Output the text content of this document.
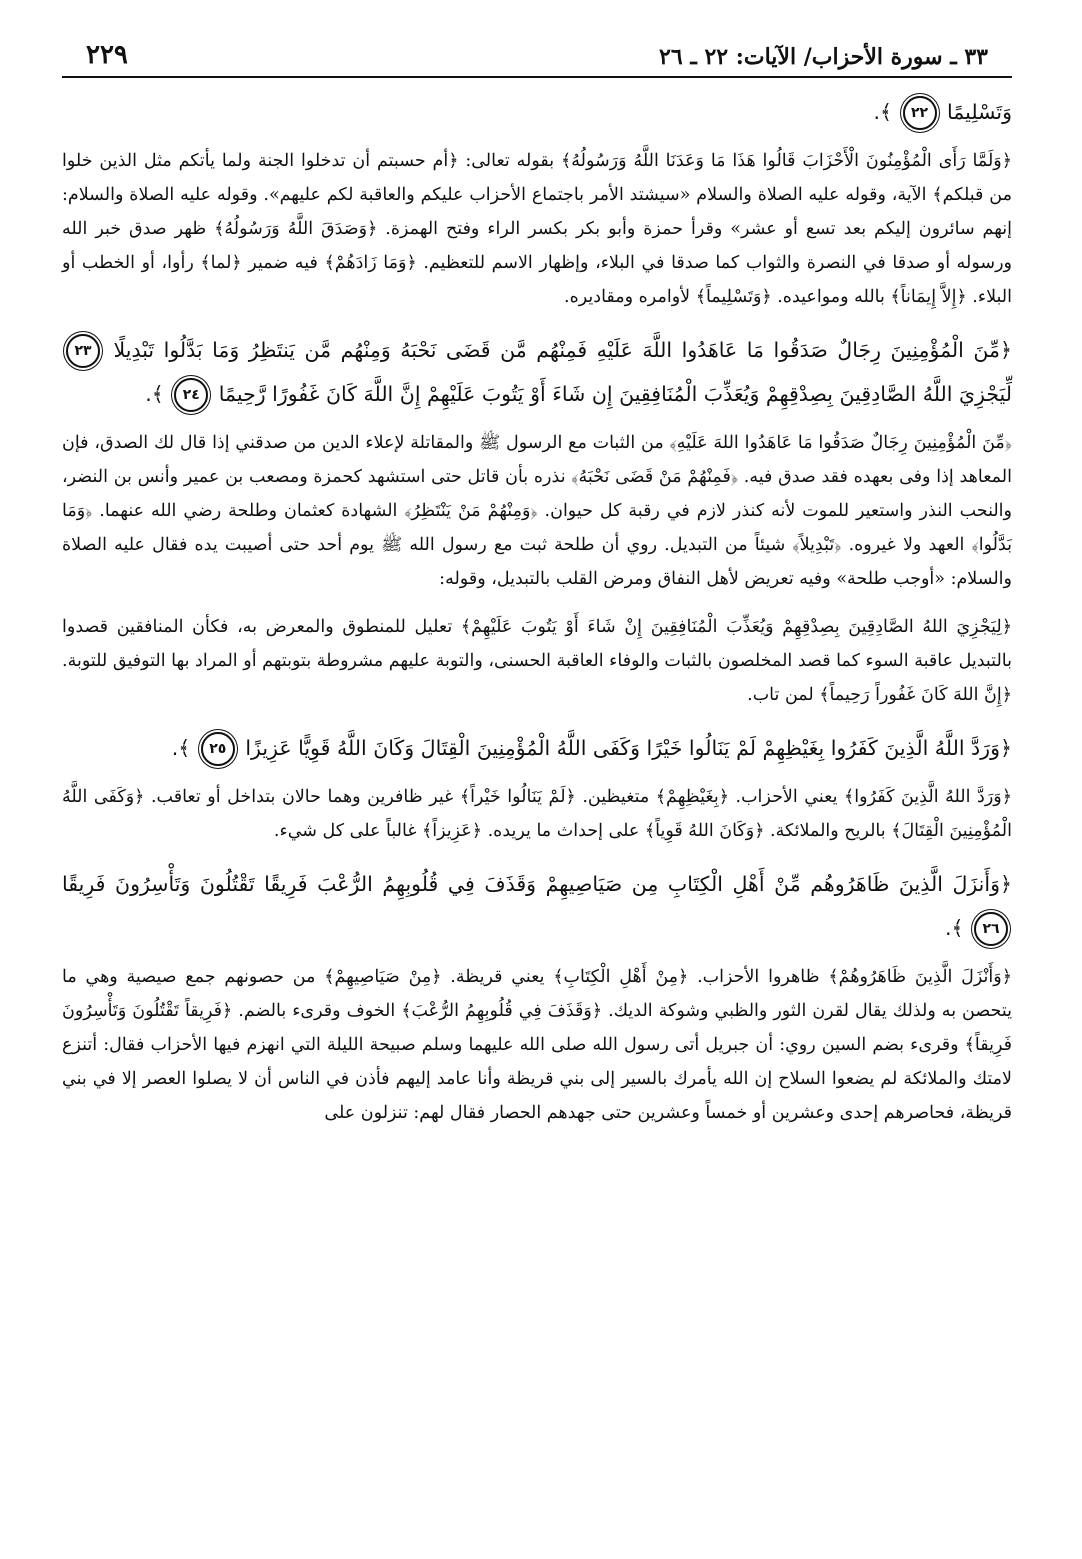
٣٣ ـ سورة الأحزاب/ الآيات: ٢٢ ـ ٢٦
٢٢٩

وَتَسْلِيمًا ٢٢ ﴾.

﴿وَلَمَّا رَأَى الْمُؤْمِنُونَ الْأَحْزَابَ قَالُوا هَذَا مَا وَعَدَنَا اللَّهُ وَرَسُولُهُ﴾ بقوله تعالى: ﴿أم حسبتم أن تدخلوا الجنة ولما يأتكم مثل الذين خلوا من قبلكم﴾ الآية، وقوله عليه الصلاة والسلام «سيشتد الأمر باجتماع الأحزاب عليكم والعاقبة لكم عليهم». وقوله عليه الصلاة والسلام: إنهم سائرون إليكم بعد تسع أو عشر» وقرأ حمزة وأبو بكر بكسر الراء وفتح الهمزة. ﴿وَصَدَقَ اللَّهُ وَرَسُولُهُ﴾ ظهر صدق خبر الله ورسوله أو صدقا في النصرة والثواب كما صدقا في البلاء، وإظهار الاسم للتعظيم. ﴿وَمَا زَادَهُمْ﴾ فيه ضمير ﴿لما﴾ رأوا، أو الخطب أو البلاء. ﴿إِلاَّ إِيمَاناً﴾ بالله ومواعيده. ﴿وَتَسْلِيماً﴾ لأوامره ومقاديره.

﴿مِّنَ الْمُؤْمِنِينَ رِجَالٌ صَدَقُوا مَا عَاهَدُوا اللَّهَ عَلَيْهِ فَمِنْهُم مَّن قَضَى نَحْبَهُ وَمِنْهُم مَّن يَنتَظِرُ وَمَا بَدَّلُوا تَبْدِيلًا ٢٣ لِّيَجْزِيَ اللَّهُ الصَّادِقِينَ بِصِدْقِهِمْ وَيُعَذِّبَ الْمُنَافِقِينَ إِن شَاءَ أَوْ يَتُوبَ عَلَيْهِمْ إِنَّ اللَّهَ كَانَ غَفُورًا رَّحِيمًا ٢٤ ﴾.

﴿مِّنَ الْمُؤْمِنِينَ رِجَالٌ صَدَقُوا مَا عَاهَدُوا اللهَ عَلَيْهِ﴾ من الثبات مع الرسول ﷺ والمقاتلة لإعلاء الدين من صدقني إذا قال لك الصدق، فإن المعاهد إذا وفى بعهده فقد صدق فيه. ﴿فَمِنْهُمْ مَنْ قَضَى نَحْبَهُ﴾ نذره بأن قاتل حتى استشهد كحمزة ومصعب بن عمير وأنس بن النضر، والنحب النذر واستعير للموت لأنه كنذر لازم في رقبة كل حيوان. ﴿وَمِنْهُمْ مَنْ يَنْتَظِرُ﴾ الشهادة كعثمان وطلحة رضي الله عنهما. ﴿وَمَا بَدَّلُوا﴾ العهد ولا غيروه. ﴿تَبْدِيلاً﴾ شيئاً من التبديل. روي أن طلحة ثبت مع رسول الله ﷺ يوم أحد حتى أصيبت يده فقال عليه الصلاة والسلام: «أوجب طلحة» وفيه تعريض لأهل النفاق ومرض القلب بالتبديل، وقوله:

﴿لِيَجْزِيَ اللهُ الصَّادِقِينَ بِصِدْقِهِمْ وَيُعَذِّبَ الْمُنَافِقِينَ إِنْ شَاءَ أَوْ يَتُوبَ عَلَيْهِمْ﴾ تعليل للمنطوق والمعرض به، فكأن المنافقين قصدوا بالتبديل عاقبة السوء كما قصد المخلصون بالثبات والوفاء العاقبة الحسنى، والتوبة عليهم مشروطة بتوبتهم أو المراد بها التوفيق للتوبة. ﴿إِنَّ اللهَ كَانَ غَفُوراً رَحِيماً﴾ لمن تاب.

﴿وَرَدَّ اللَّهُ الَّذِينَ كَفَرُوا بِغَيْظِهِمْ لَمْ يَنَالُوا خَيْرًا وَكَفَى اللَّهُ الْمُؤْمِنِينَ الْقِتَالَ وَكَانَ اللَّهُ قَوِيًّا عَزِيزًا ٢٥ ﴾.

﴿وَرَدَّ اللهُ الَّذِينَ كَفَرُوا﴾ يعني الأحزاب. ﴿بِغَيْظِهِمْ﴾ متغيظين. ﴿لَمْ يَنَالُوا خَيْراً﴾ غير ظافرين وهما حالان بتداخل أو تعاقب. ﴿وَكَفَى اللَّهُ الْمُؤْمِنِينَ الْقِتَالَ﴾ بالريح والملائكة. ﴿وَكَانَ اللهُ قَوِياً﴾ على إحداث ما يريده. ﴿عَزِيزاً﴾ غالباً على كل شيء.

﴿وَأَنزَلَ الَّذِينَ ظَاهَرُوهُم مِّنْ أَهْلِ الْكِتَابِ مِن صَيَاصِيهِمْ وَقَذَفَ فِي قُلُوبِهِمُ الرُّعْبَ فَرِيقًا تَقْتُلُونَ وَتَأْسِرُونَ فَرِيقًا ٢٦ ﴾.

﴿وَأَنْزَلَ الَّذِينَ ظَاهَرُوهُمْ﴾ ظاهروا الأحزاب. ﴿مِنْ أَهْلِ الْكِتَابِ﴾ يعني قريظة. ﴿مِنْ صَيَاصِيهِمْ﴾ من حصونهم جمع صيصية وهي ما يتحصن به ولذلك يقال لقرن الثور والظبي وشوكة الديك. ﴿وَقَذَفَ فِي قُلُوبِهِمُ الرُّعْبَ﴾ الخوف وقرىء بالضم. ﴿فَرِيقاً تَقْتُلُونَ وَتَأْسِرُونَ فَرِيقاً﴾ وقرىء بضم السين روي: أن جبريل أتى رسول الله صلى الله عليهما وسلم صبيحة الليلة التي انهزم فيها الأحزاب فقال: أتنزع لامتك والملائكة لم يضعوا السلاح إن الله يأمرك بالسير إلى بني قريظة وأنا عامد إليهم فأذن في الناس أن لا يصلوا العصر إلا في بني قريظة، فحاصرهم إحدى وعشرين أو خمساً وعشرين حتى جهدهم الحصار فقال لهم: تنزلون على
